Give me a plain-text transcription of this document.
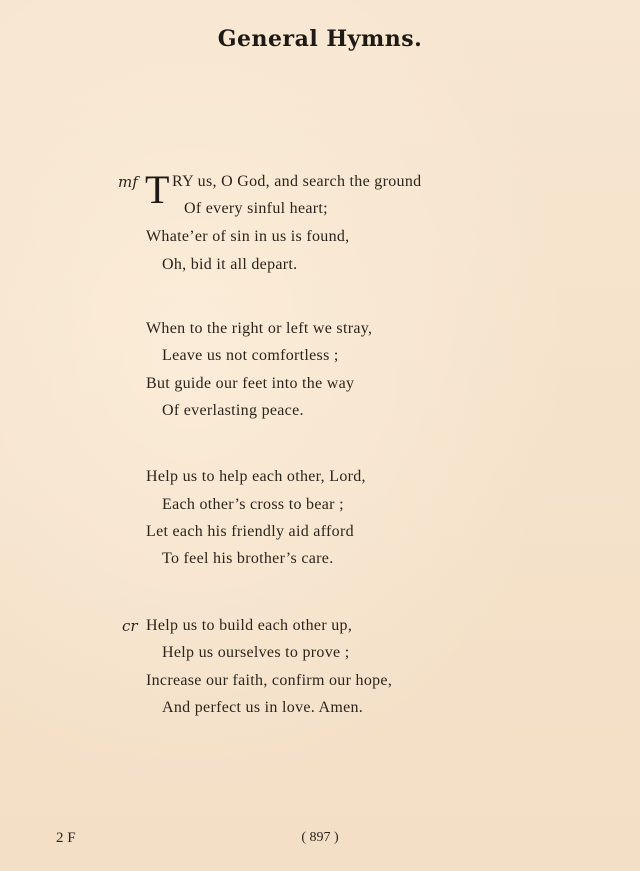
General Hymns.
mf T RY us, O God, and search the ground
Of every sinful heart;
Whate’er of sin in us is found,
Oh, bid it all depart.
When to the right or left we stray,
Leave us not comfortless ;
But guide our feet into the way
Of everlasting peace.
Help us to help each other, Lord,
Each other’s cross to bear ;
Let each his friendly aid afford
To feel his brother’s care.
cr Help us to build each other up,
Help us ourselves to prove ;
Increase our faith, confirm our hope,
And perfect us in love. Amen.
2 F	( 897 )
